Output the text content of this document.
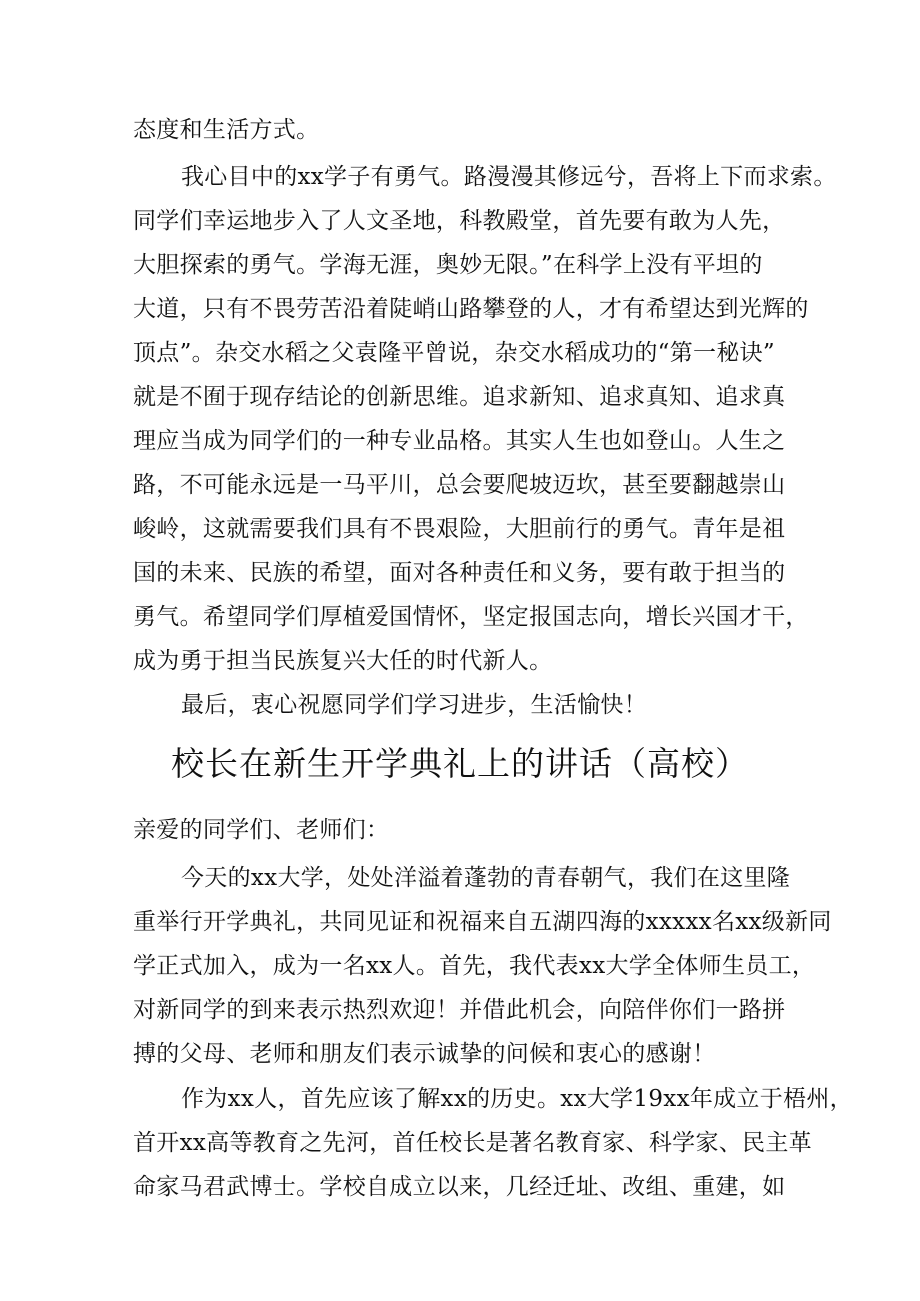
态度和生活方式。
我心目中的xx学子有勇气。路漫漫其修远兮，吾将上下而求索。
同学们幸运地步入了人文圣地，科教殿堂，首先要有敢为人先，
大胆探索的勇气。学海无涯，奥妙无限。”在科学上没有平坦的
大道，只有不畏劳苦沿着陡峭山路攀登的人，才有希望达到光辉的
顶点”。杂交水稻之父袁隆平曾说，杂交水稻成功的“第一秘诀”
就是不囿于现存结论的创新思维。追求新知、追求真知、追求真
理应当成为同学们的一种专业品格。其实人生也如登山。人生之
路，不可能永远是一马平川，总会要爬坡迈坎，甚至要翻越崇山
峻岭，这就需要我们具有不畏艰险，大胆前行的勇气。青年是祖
国的未来、民族的希望，面对各种责任和义务，要有敢于担当的
勇气。希望同学们厚植爱国情怀，坚定报国志向，增长兴国才干，
成为勇于担当民族复兴大任的时代新人。
最后，衷心祝愿同学们学习进步，生活愉快！
校长在新生开学典礼上的讲话（高校）
亲爱的同学们、老师们：
今天的xx大学，处处洋溢着蓬勃的青春朝气，我们在这里隆
重举行开学典礼，共同见证和祝福来自五湖四海的xxxxx名xx级新同
学正式加入，成为一名xx人。首先，我代表xx大学全体师生员工，
对新同学的到来表示热烈欢迎！并借此机会，向陪伴你们一路拼
搏的父母、老师和朋友们表示诚挚的问候和衷心的感谢！
作为xx人，首先应该了解xx的历史。xx大学19xx年成立于梧州，
首开xx高等教育之先河，首任校长是著名教育家、科学家、民主革
命家马君武博士。学校自成立以来，几经迁址、改组、重建，如
